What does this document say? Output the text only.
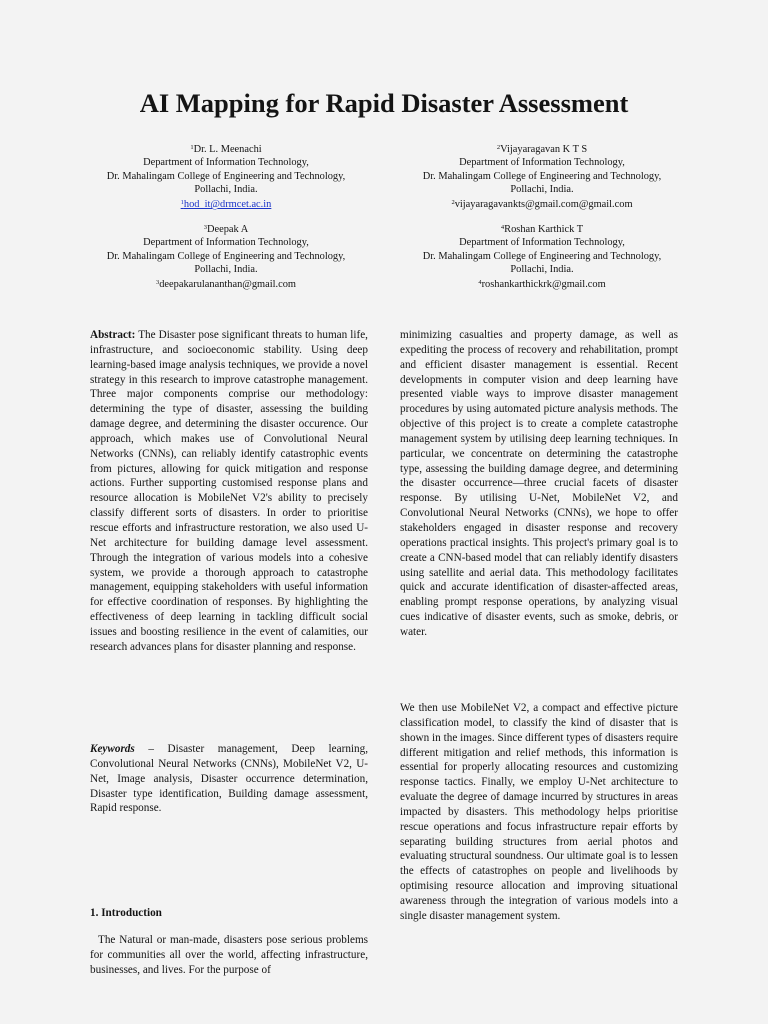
AI Mapping for Rapid Disaster Assessment
$^1$Dr. L. Meenachi
Department of Information Technology,
Dr. Mahalingam College of Engineering and Technology,
Pollachi, India.
$^1$hod_it@drmcet.ac.in
$^2$Vijayaragavan K T S
Department of Information Technology,
Dr. Mahalingam College of Engineering and Technology,
Pollachi, India.
$^2$vijayaragavankts@gmail.com@gmail.com
$^3$Deepak A
Department of Information Technology,
Dr. Mahalingam College of Engineering and Technology,
Pollachi, India.
$^3$deepakarulananthan@gmail.com
$^4$Roshan Karthick T
Department of Information Technology,
Dr. Mahalingam College of Engineering and Technology,
Pollachi, India.
$^4$roshankarthickrk@gmail.com

Abstract: The Disaster pose significant threats to human life, infrastructure, and socioeconomic stability. Using deep learning-based image analysis techniques, we provide a novel strategy in this research to improve catastrophe management. Three major components comprise our methodology: determining the type of disaster, assessing the building damage degree, and determining the disaster occurence. Our approach, which makes use of Convolutional Neural Networks (CNNs), can reliably identify catastrophic events from pictures, allowing for quick mitigation and response actions. Further supporting customised response plans and resource allocation is MobileNet V2's ability to precisely classify different sorts of disasters. In order to prioritise rescue efforts and infrastructure restoration, we also used U-Net architecture for building damage level assessment. Through the integration of various models into a cohesive system, we provide a thorough approach to catastrophe management, equipping stakeholders with useful information for effective coordination of responses. By highlighting the effectiveness of deep learning in tackling difficult social issues and boosting resilience in the event of calamities, our research advances plans for disaster planning and response.

Keywords – Disaster management, Deep learning, Convolutional Neural Networks (CNNs), MobileNet V2, U-Net, Image analysis, Disaster occurrence determination, Disaster type identification, Building damage assessment, Rapid response.

1. Introduction

The Natural or man-made, disasters pose serious problems for communities all over the world, affecting infrastructure, businesses, and lives. For the purpose of

minimizing casualties and property damage, as well as expediting the process of recovery and rehabilitation, prompt and efficient disaster management is essential. Recent developments in computer vision and deep learning have presented viable ways to improve disaster management procedures by using automated picture analysis methods. The objective of this project is to create a complete catastrophe management system by utilising deep learning techniques. In particular, we concentrate on determining the catastrophe type, assessing the building damage degree, and determining the disaster occurrence—three crucial facets of disaster response. By utilising U-Net, MobileNet V2, and Convolutional Neural Networks (CNNs), we hope to offer stakeholders engaged in disaster response and recovery operations practical insights. This project's primary goal is to create a CNN-based model that can reliably identify disasters using satellite and aerial data. This methodology facilitates quick and accurate identification of disaster-affected areas, enabling prompt response operations, by analyzing visual cues indicative of disaster events, such as smoke, debris, or water.

We then use MobileNet V2, a compact and effective picture classification model, to classify the kind of disaster that is shown in the images. Since different types of disasters require different mitigation and relief methods, this information is essential for properly allocating resources and customizing response tactics. Finally, we employ U-Net architecture to evaluate the degree of damage incurred by structures in areas impacted by disasters. This methodology helps prioritise rescue operations and focus infrastructure repair efforts by separating building structures from aerial photos and evaluating structural soundness. Our ultimate goal is to lessen the effects of catastrophes on people and livelihoods by optimising resource allocation and improving situational awareness through the integration of various models into a single disaster management system.
